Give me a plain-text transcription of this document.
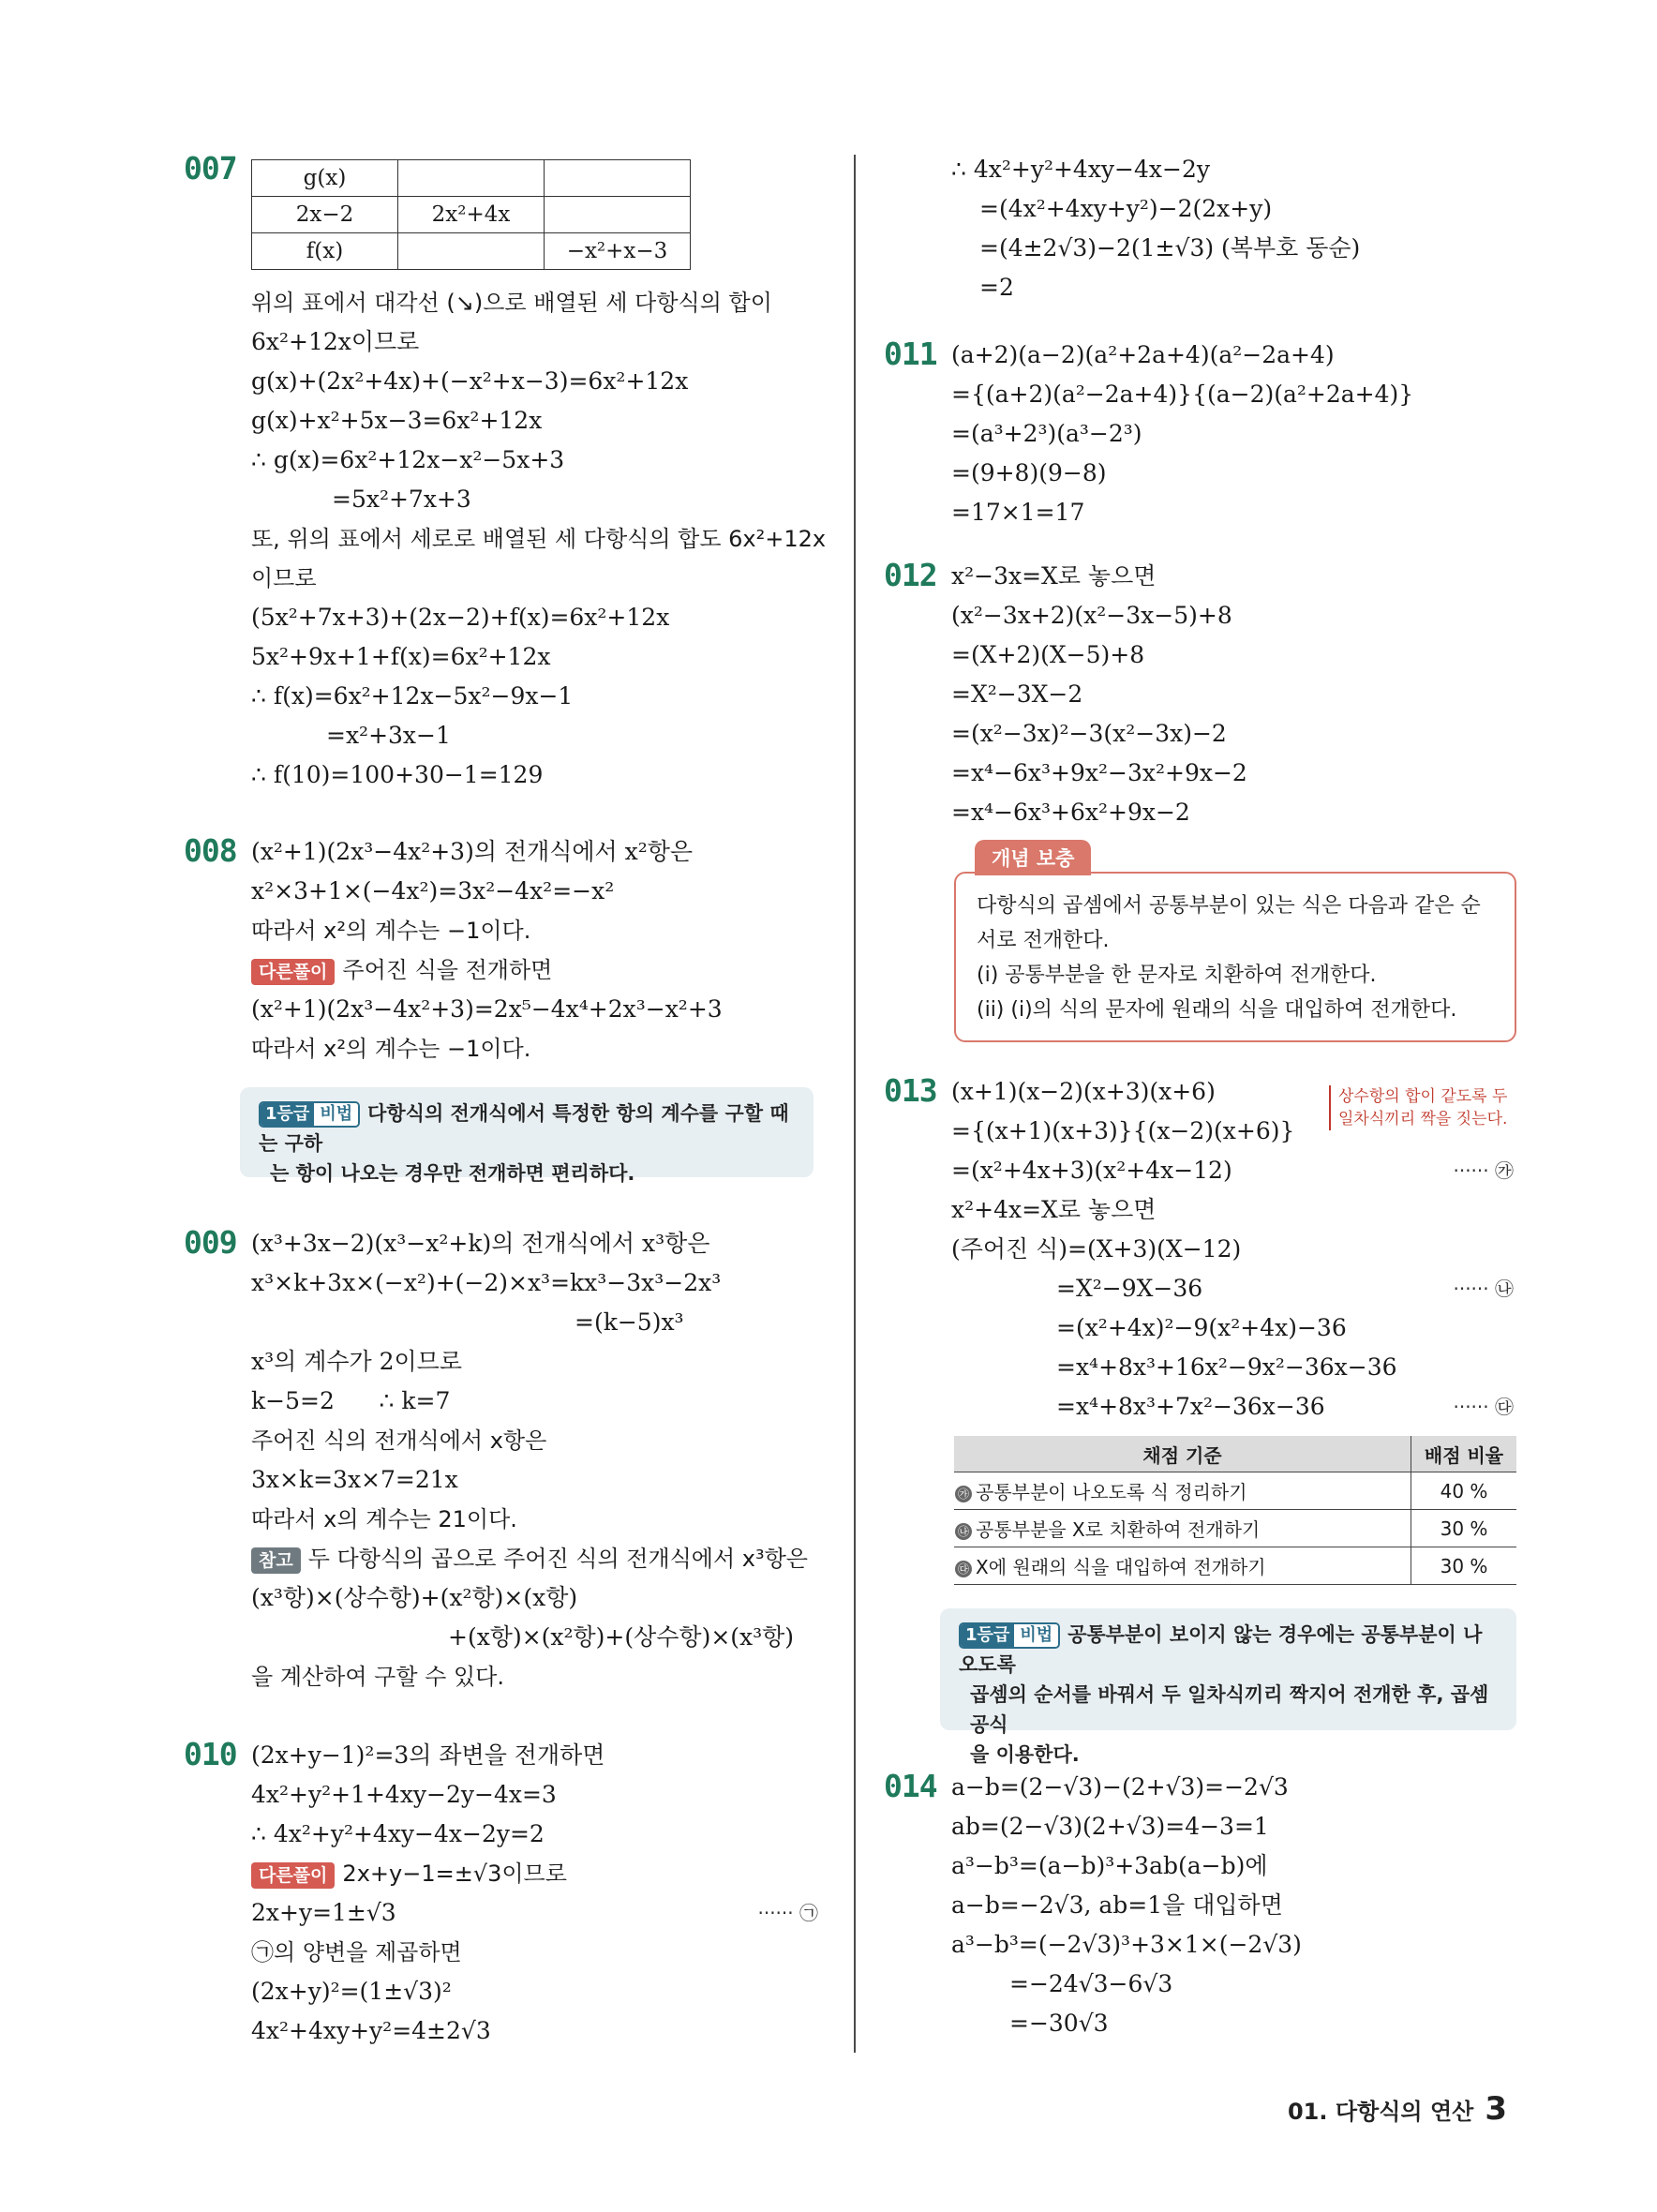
007	g(x)		
2x−2	2x²+4x	
f(x)		−x²+x−3
위의 표에서 대각선 (↘)으로 배열된 세 다항식의 합이
6x²+12x이므로
g(x)+(2x²+4x)+(−x²+x−3)=6x²+12x
g(x)+x²+5x−3=6x²+12x
∴ g(x)=6x²+12x−x²−5x+3
=5x²+7x+3
또, 위의 표에서 세로로 배열된 세 다항식의 합도 6x²+12x
이므로
(5x²+7x+3)+(2x−2)+f(x)=6x²+12x
5x²+9x+1+f(x)=6x²+12x
∴ f(x)=6x²+12x−5x²−9x−1
=x²+3x−1
∴ f(10)=100+30−1=129
008 (x²+1)(2x³−4x²+3)의 전개식에서 x²항은
x²×3+1×(−4x²)=3x²−4x²=−x²
따라서 x²의 계수는 −1이다.
다른풀이 주어진 식을 전개하면
(x²+1)(2x³−4x²+3)=2x⁵−4x⁴+2x³−x²+3
따라서 x²의 계수는 −1이다.
1등급 비법 다항식의 전개식에서 특정한 항의 계수를 구할 때는 구하
는 항이 나오는 경우만 전개하면 편리하다.
009 (x³+3x−2)(x³−x²+k)의 전개식에서 x³항은
x³×k+3x×(−x²)+(−2)×x³=kx³−3x³−2x³
=(k−5)x³
x³의 계수가 2이므로
k−5=2      ∴ k=7
주어진 식의 전개식에서 x항은
3x×k=3x×7=21x
따라서 x의 계수는 21이다.
참고 두 다항식의 곱으로 주어진 식의 전개식에서 x³항은
(x³항)×(상수항)+(x²항)×(x항)
+(x항)×(x²항)+(상수항)×(x³항)
을 계산하여 구할 수 있다.
010 (2x+y−1)²=3의 좌변을 전개하면
4x²+y²+1+4xy−2y−4x=3
∴ 4x²+y²+4xy−4x−2y=2
다른풀이 2x+y−1=±√3이므로
2x+y=1±√3	······ ㉠
㉠의 양변을 제곱하면
(2x+y)²=(1±√3)²
4x²+4xy+y²=4±2√3
∴ 4x²+y²+4xy−4x−2y
=(4x²+4xy+y²)−2(2x+y)
=(4±2√3)−2(1±√3) (복부호 동순)
=2
011 (a+2)(a−2)(a²+2a+4)(a²−2a+4)
={(a+2)(a²−2a+4)}{(a−2)(a²+2a+4)}
=(a³+2³)(a³−2³)
=(9+8)(9−8)
=17×1=17
012 x²−3x=X로 놓으면
(x²−3x+2)(x²−3x−5)+8
=(X+2)(X−5)+8
=X²−3X−2
=(x²−3x)²−3(x²−3x)−2
=x⁴−6x³+9x²−3x²+9x−2
=x⁴−6x³+6x²+9x−2
개념 보충
다항식의 곱셈에서 공통부분이 있는 식은 다음과 같은 순
서로 전개한다.
(i) 공통부분을 한 문자로 치환하여 전개한다.
(ii) (i)의 식의 문자에 원래의 식을 대입하여 전개한다.
013 (x+1)(x−2)(x+3)(x+6)
={(x+1)(x+3)}{(x−2)(x+6)}
=(x²+4x+3)(x²+4x−12)	······ ㉮
x²+4x=X로 놓으면
(주어진 식)=(X+3)(X−12)
=X²−9X−36	······ ㉯
=(x²+4x)²−9(x²+4x)−36
=x⁴+8x³+16x²−9x²−36x−36
=x⁴+8x³+7x²−36x−36	······ ㉰
상수항의 합이 같도록 두
일차식끼리 짝을 짓는다.
채점 기준	배점 비율
㉮ 공통부분이 나오도록 식 정리하기	40 %
㉯ 공통부분을 X로 치환하여 전개하기	30 %
㉰ X에 원래의 식을 대입하여 전개하기	30 %
1등급 비법 공통부분이 보이지 않는 경우에는 공통부분이 나오도록
곱셈의 순서를 바꿔서 두 일차식끼리 짝지어 전개한 후, 곱셈 공식
을 이용한다.
014 a−b=(2−√3)−(2+√3)=−2√3
ab=(2−√3)(2+√3)=4−3=1
a³−b³=(a−b)³+3ab(a−b)에
a−b=−2√3, ab=1을 대입하면
a³−b³=(−2√3)³+3×1×(−2√3)
=−24√3−6√3
=−30√3
01. 다항식의 연산 3
